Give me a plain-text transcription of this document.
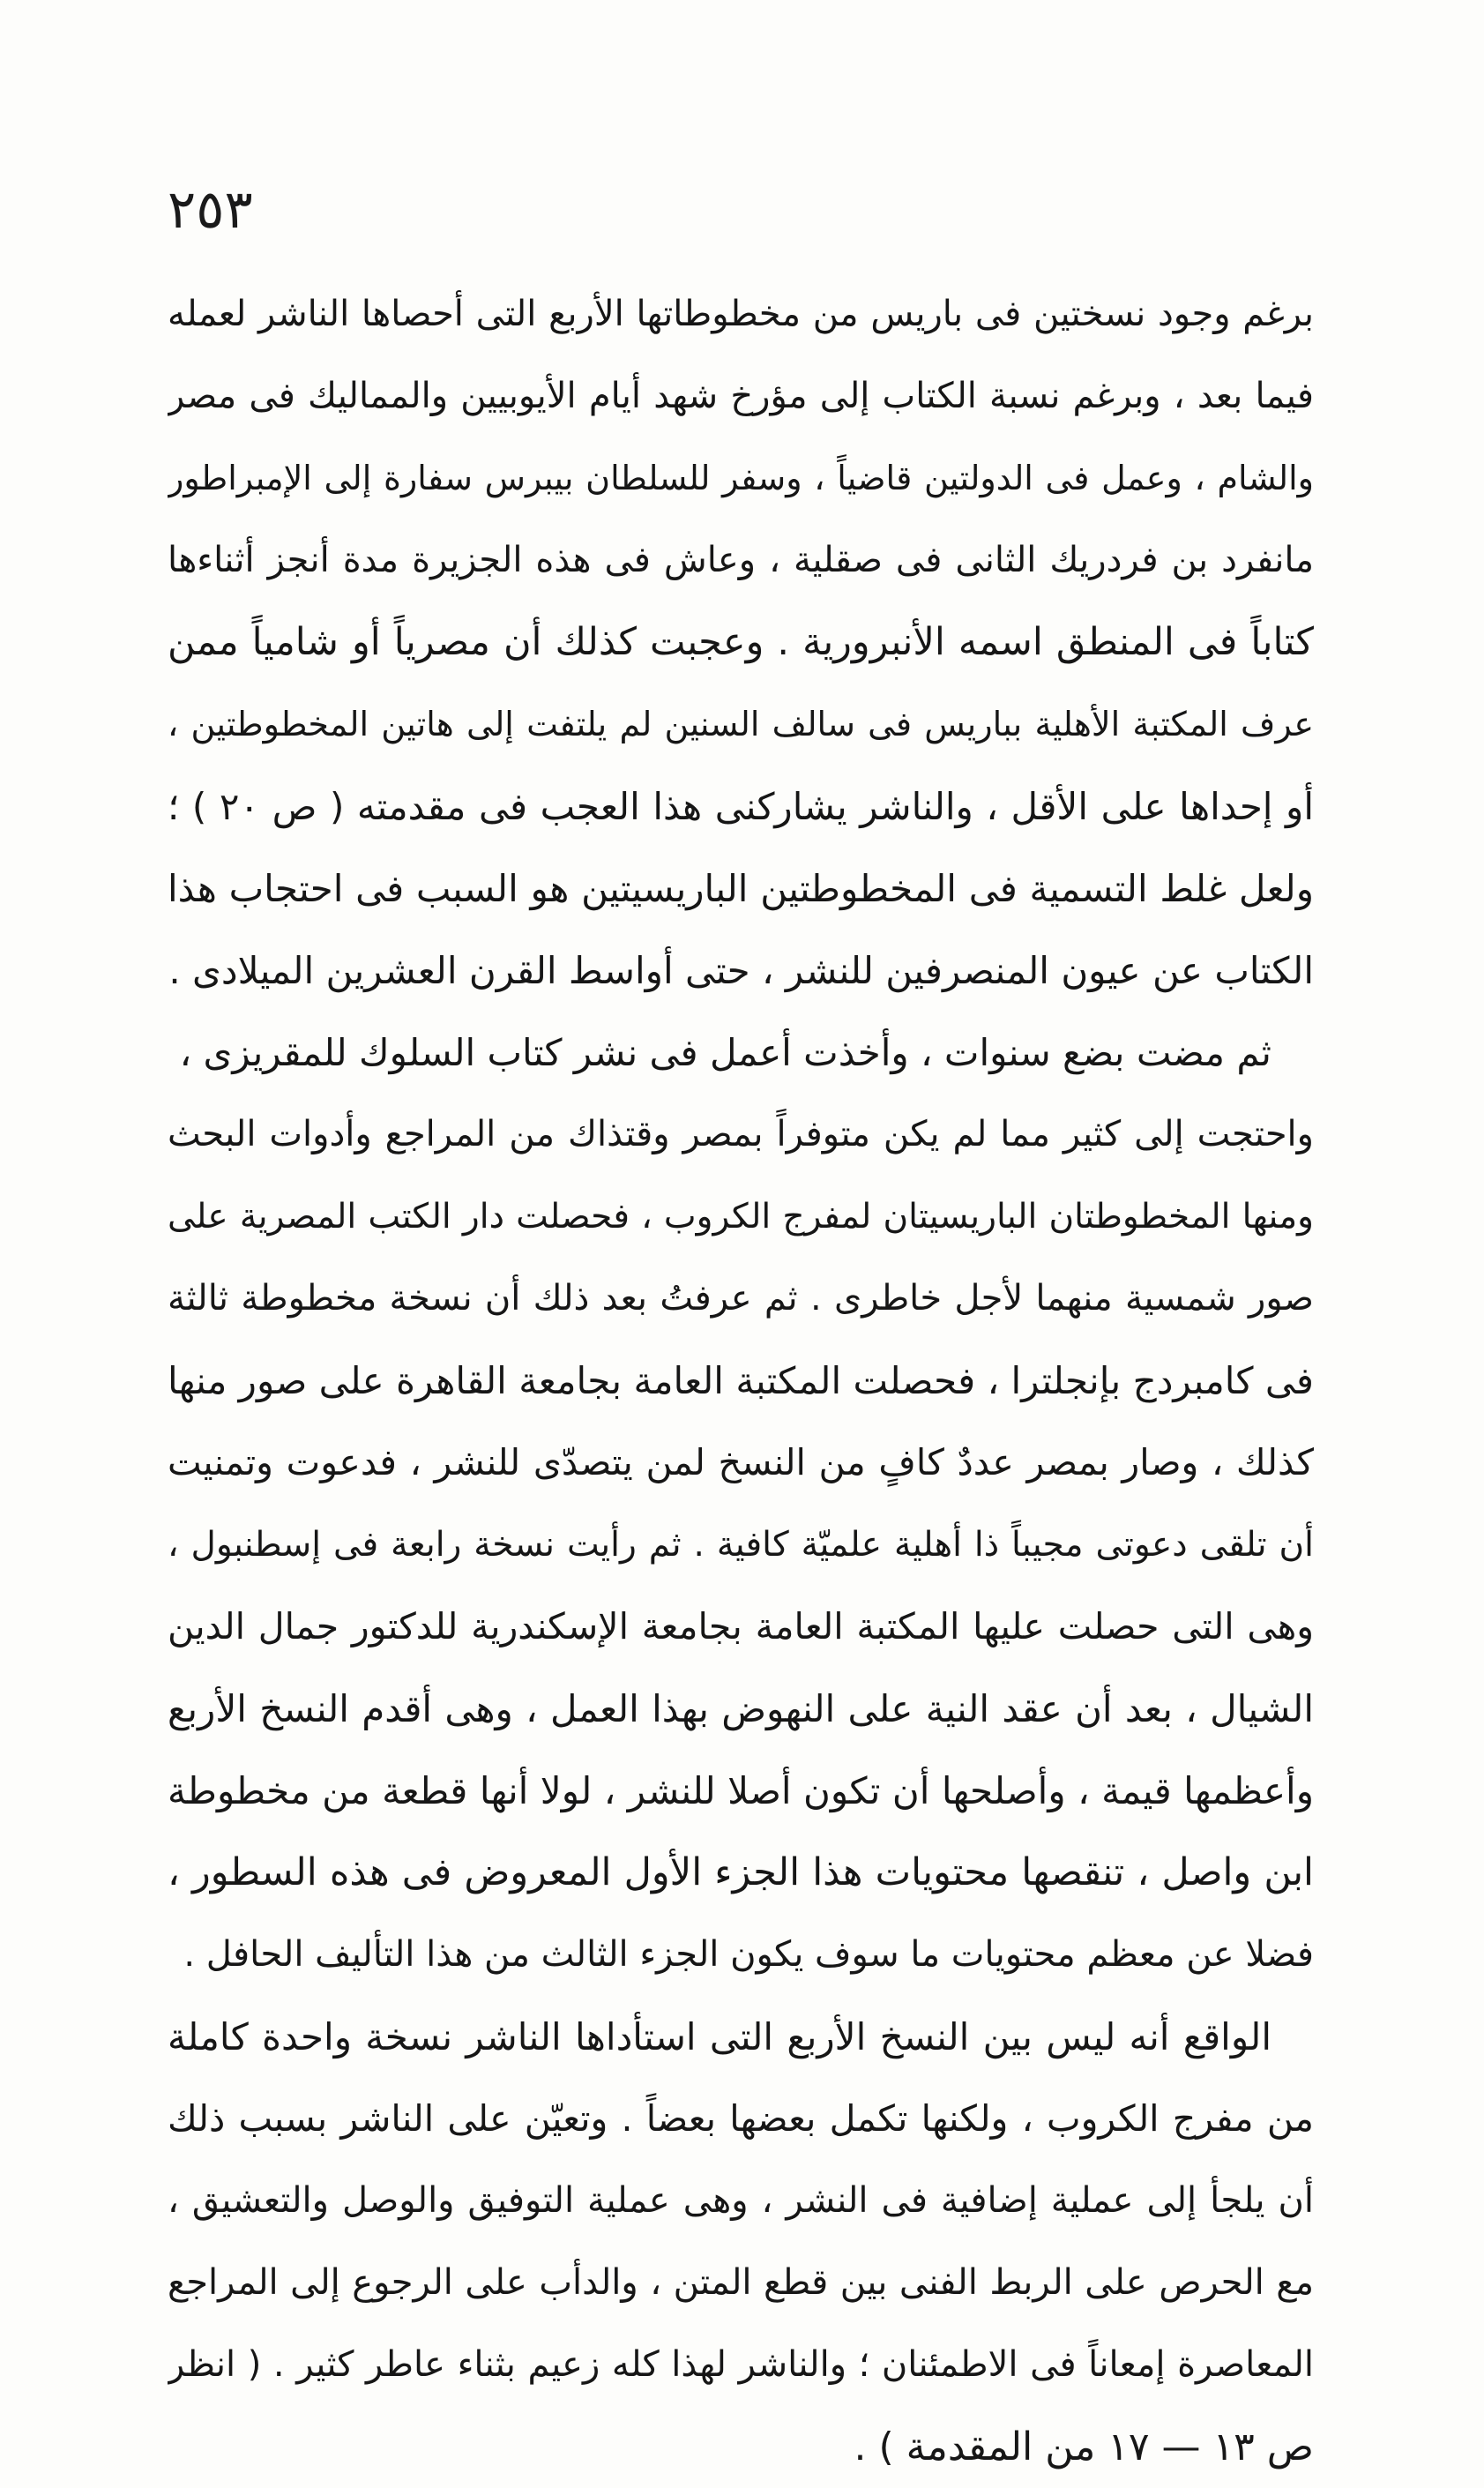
٢٥٣
برغم وجود نسختين فى باريس من مخطوطاتها الأربع التى أحصاها الناشر لعمله
فيما بعد ، وبرغم نسبة الكتاب إلى مؤرخ شهد أيام الأيوبيين والمماليك فى مصر
والشام ، وعمل فى الدولتين قاضياً ، وسفر للسلطان بيبرس سفارة إلى الإمبراطور
مانفرد بن فردريك الثانى فى صقلية ، وعاش فى هذه الجزيرة مدة أنجز أثناءها
كتاباً فى المنطق اسمه الأنبرورية . وعجبت كذلك أن مصرياً أو شامياً ممن
عرف المكتبة الأهلية بباريس فى سالف السنين لم يلتفت إلى هاتين المخطوطتين ،
أو إحداها على الأقل ، والناشر يشاركنى هذا العجب فى مقدمته ( ص ٢٠ ) ؛
ولعل غلط التسمية فى المخطوطتين الباريسيتين هو السبب فى احتجاب هذا
الكتاب عن عيون المنصرفين للنشر ، حتى أواسط القرن العشرين الميلادى .
ثم مضت بضع سنوات ، وأخذت أعمل فى نشر كتاب السلوك للمقريزى ،
واحتجت إلى كثير مما لم يكن متوفراً بمصر وقتذاك من المراجع وأدوات البحث
ومنها المخطوطتان الباريسيتان لمفرج الكروب ، فحصلت دار الكتب المصرية على
صور شمسية منهما لأجل خاطرى . ثم عرفتُ بعد ذلك أن نسخة مخطوطة ثالثة
فى كامبردج بإنجلترا ، فحصلت المكتبة العامة بجامعة القاهرة على صور منها
كذلك ، وصار بمصر عددٌ كافٍ من النسخ لمن يتصدّى للنشر ، فدعوت وتمنيت
أن تلقى دعوتى مجيباً ذا أهلية علميّة كافية . ثم رأيت نسخة رابعة فى إسطنبول ،
وهى التى حصلت عليها المكتبة العامة بجامعة الإسكندرية للدكتور جمال الدين
الشيال ، بعد أن عقد النية على النهوض بهذا العمل ، وهى أقدم النسخ الأربع
وأعظمها قيمة ، وأصلحها أن تكون أصلا للنشر ، لولا أنها قطعة من مخطوطة
ابن واصل ، تنقصها محتويات هذا الجزء الأول المعروض فى هذه السطور ،
فضلا عن معظم محتويات ما سوف يكون الجزء الثالث من هذا التأليف الحافل .
الواقع أنه ليس بين النسخ الأربع التى استأداها الناشر نسخة واحدة كاملة
من مفرج الكروب ، ولكنها تكمل بعضها بعضاً . وتعيّن على الناشر بسبب ذلك
أن يلجأ إلى عملية إضافية فى النشر ، وهى عملية التوفيق والوصل والتعشيق ،
مع الحرص على الربط الفنى بين قطع المتن ، والدأب على الرجوع إلى المراجع
المعاصرة إمعاناً فى الاطمئنان ؛ والناشر لهذا كله زعيم بثناء عاطر كثير . ( انظر
ص ١٣ — ١٧ من المقدمة ) .
